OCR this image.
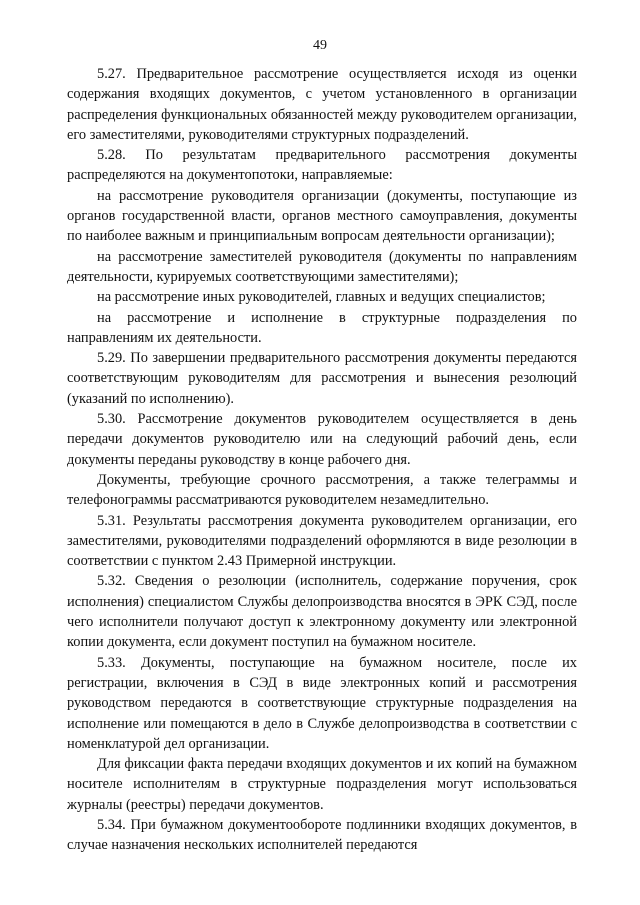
49

5.27. Предварительное рассмотрение осуществляется исходя из оценки содержания входящих документов, с учетом установленного в организации распределения функциональных обязанностей между руководителем организации, его заместителями, руководителями структурных подразделений.

5.28. По результатам предварительного рассмотрения документы распределяются на документопотоки, направляемые:

на рассмотрение руководителя организации (документы, поступающие из органов государственной власти, органов местного самоуправления, документы по наиболее важным и принципиальным вопросам деятельности организации);

на рассмотрение заместителей руководителя (документы по направлениям деятельности, курируемых соответствующими заместителями);

на рассмотрение иных руководителей, главных и ведущих специалистов;

на рассмотрение и исполнение в структурные подразделения по направлениям их деятельности.

5.29. По завершении предварительного рассмотрения документы передаются соответствующим руководителям для рассмотрения и вынесения резолюций (указаний по исполнению).

5.30. Рассмотрение документов руководителем осуществляется в день передачи документов руководителю или на следующий рабочий день, если документы переданы руководству в конце рабочего дня.

Документы, требующие срочного рассмотрения, а также телеграммы и телефонограммы рассматриваются руководителем незамедлительно.

5.31. Результаты рассмотрения документа руководителем организации, его заместителями, руководителями подразделений оформляются в виде резолюции в соответствии с пунктом 2.43 Примерной инструкции.

5.32. Сведения о резолюции (исполнитель, содержание поручения, срок исполнения) специалистом Службы делопроизводства вносятся в ЭРК СЭД, после чего исполнители получают доступ к электронному документу или электронной копии документа, если документ поступил на бумажном носителе.

5.33. Документы, поступающие на бумажном носителе, после их регистрации, включения в СЭД в виде электронных копий и рассмотрения руководством передаются в соответствующие структурные подразделения на исполнение или помещаются в дело в Службе делопроизводства в соответствии с номенклатурой дел организации.

Для фиксации факта передачи входящих документов и их копий на бумажном носителе исполнителям в структурные подразделения могут использоваться журналы (реестры) передачи документов.

5.34. При бумажном документообороте подлинники входящих документов, в случае назначения нескольких исполнителей передаются
